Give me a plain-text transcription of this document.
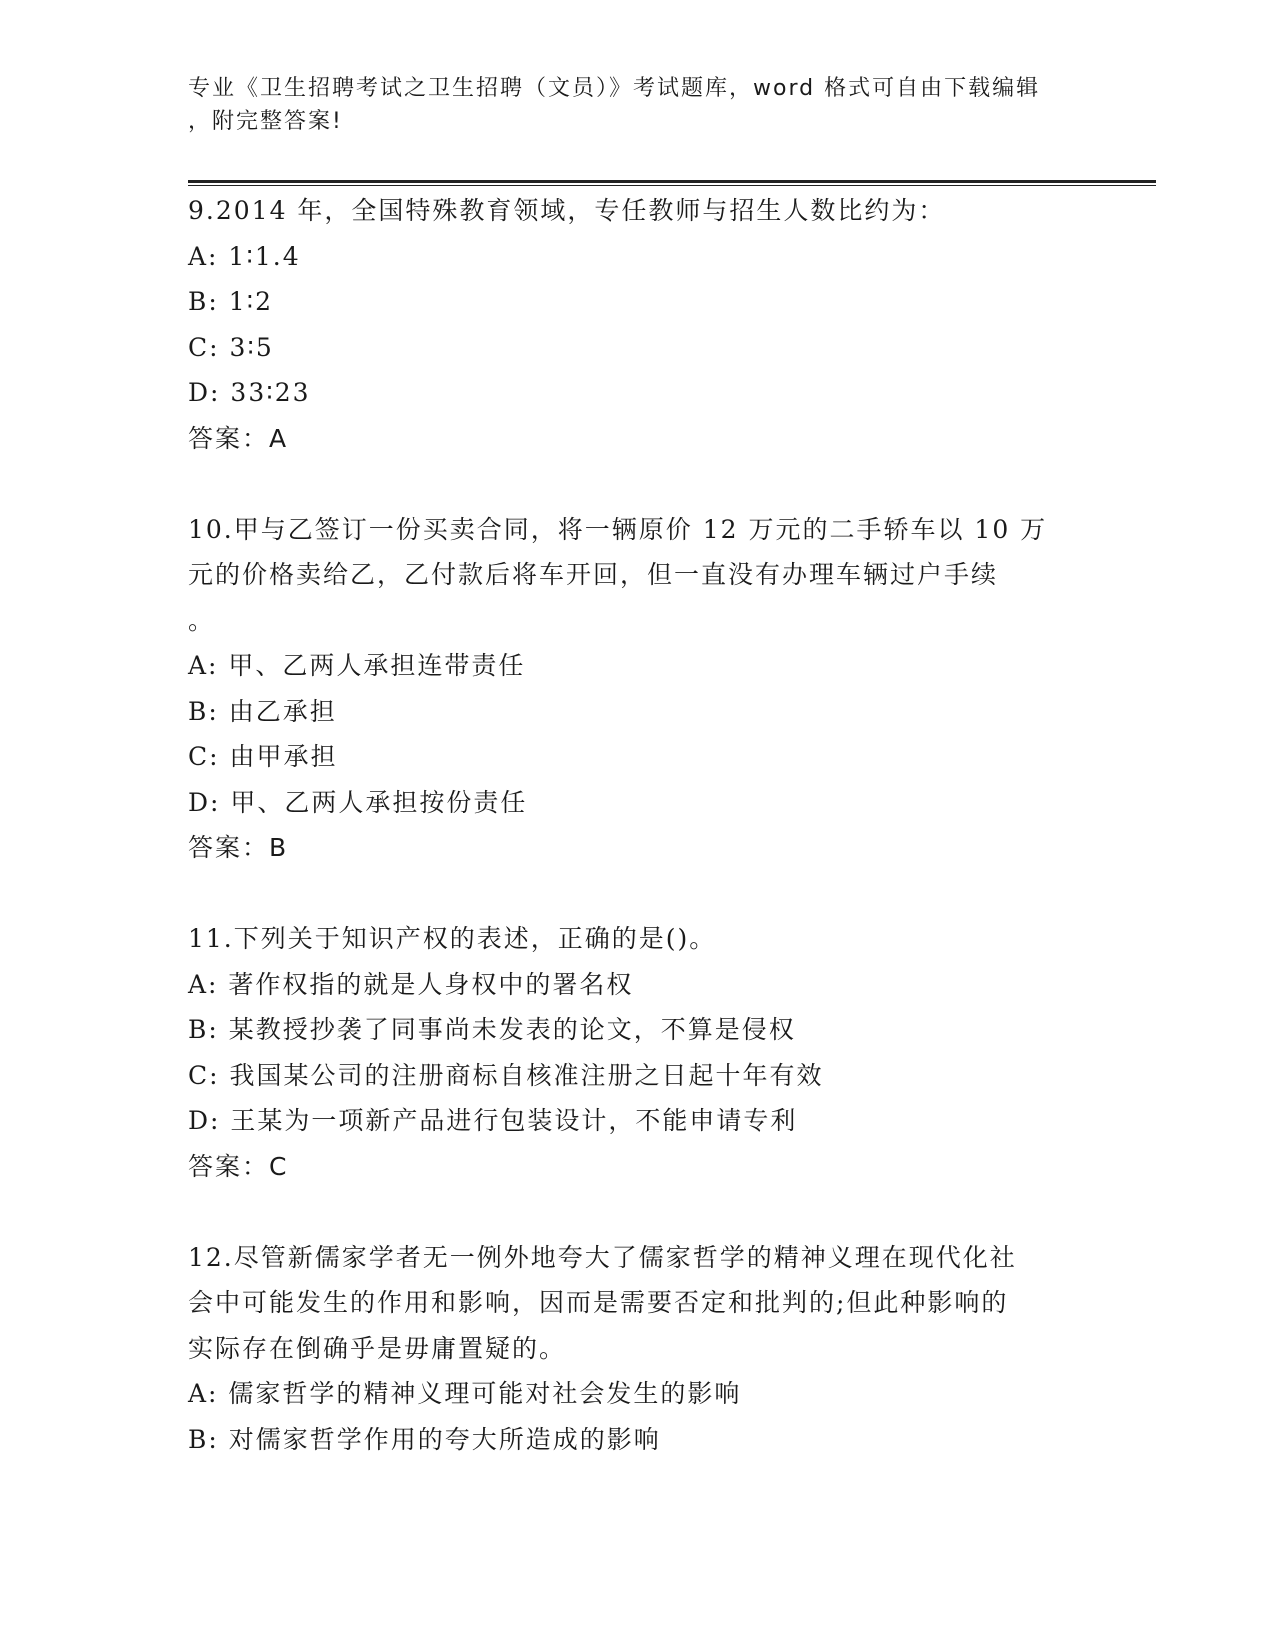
专业《卫生招聘考试之卫生招聘（文员）》考试题库，word 格式可自由下载编辑
，附完整答案!
9.2014 年，全国特殊教育领域，专任教师与招生人数比约为：
A: 1∶1.4
B: 1∶2
C: 3∶5
D: 33∶23
答案：A
10.甲与乙签订一份买卖合同，将一辆原价 12 万元的二手轿车以 10 万
元的价格卖给乙，乙付款后将车开回，但一直没有办理车辆过户手续
。
A: 甲、乙两人承担连带责任
B: 由乙承担
C: 由甲承担
D: 甲、乙两人承担按份责任
答案：B
11.下列关于知识产权的表述，正确的是()。
A: 著作权指的就是人身权中的署名权
B: 某教授抄袭了同事尚未发表的论文，不算是侵权
C: 我国某公司的注册商标自核准注册之日起十年有效
D: 王某为一项新产品进行包装设计，不能申请专利
答案：C
12.尽管新儒家学者无一例外地夸大了儒家哲学的精神义理在现代化社
会中可能发生的作用和影响，因而是需要否定和批判的;但此种影响的
实际存在倒确乎是毋庸置疑的。
A: 儒家哲学的精神义理可能对社会发生的影响
B: 对儒家哲学作用的夸大所造成的影响
